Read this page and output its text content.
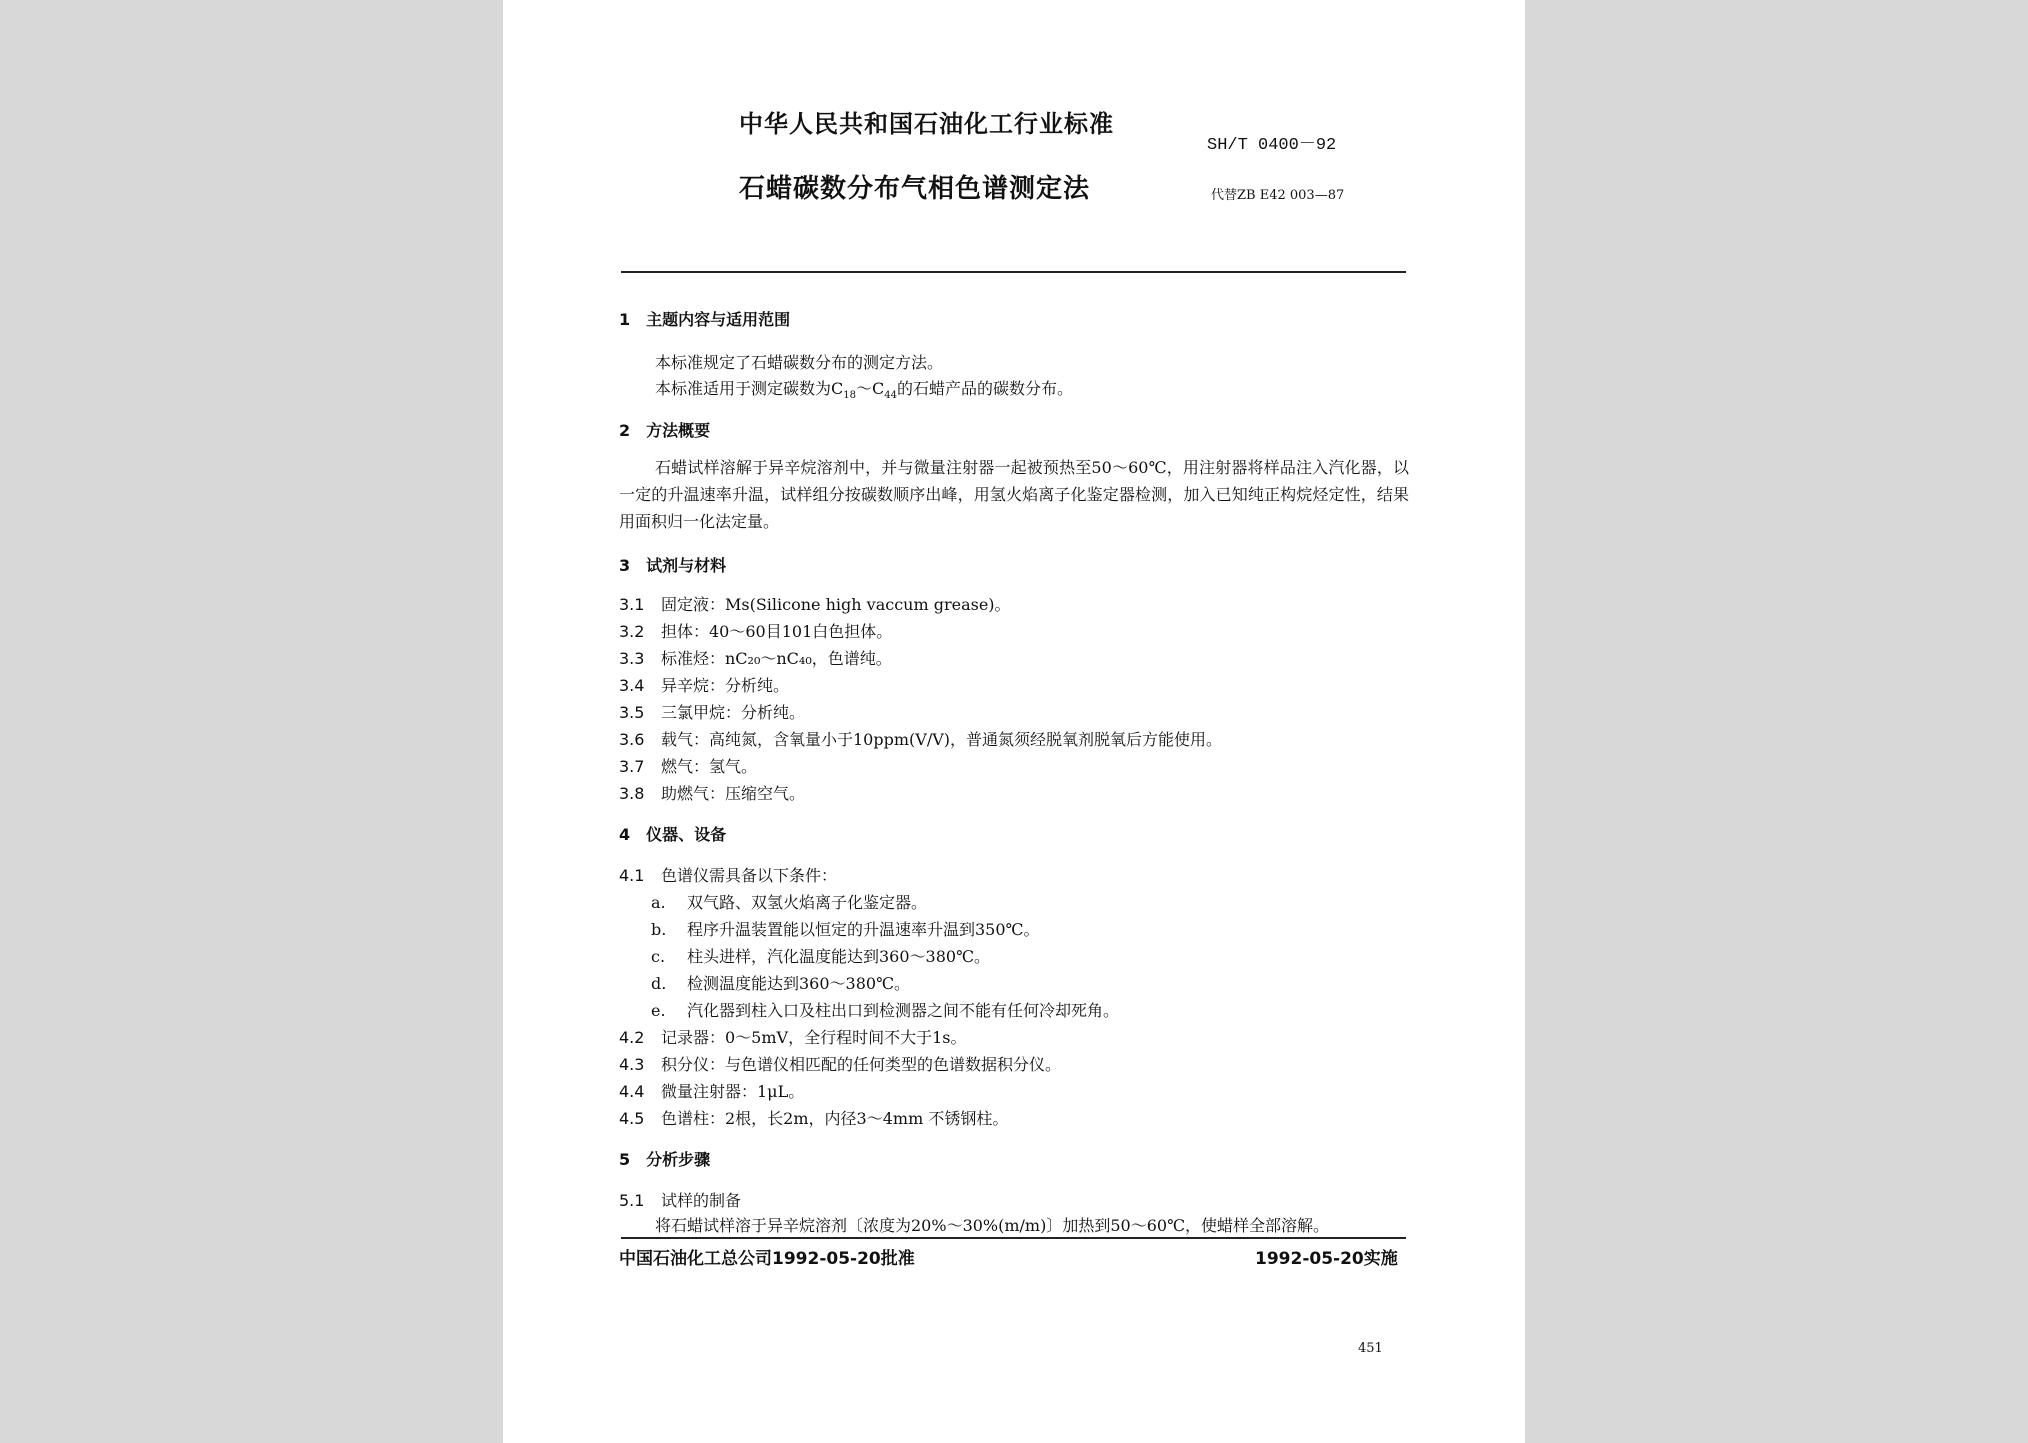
中华人民共和国石油化工行业标准
SH/T 0400－92
石蜡碳数分布气相色谱测定法	代替ZB E42 003—87
1　主题内容与适用范围
本标准规定了石蜡碳数分布的测定方法。
本标准适用于测定碳数为$C_{18}\sim C_{44}$的石蜡产品的碳数分布。
2　方法概要
石蜡试样溶解于异辛烷溶剂中，并与微量注射器一起被预热至50～60℃，用注射器将样品注入汽化器，以一定的升温速率升温，试样组分按碳数顺序出峰，用氢火焰离子化鉴定器检测，加入已知纯正构烷烃定性，结果用面积归一化法定量。
3　试剂与材料
3.1 固定液：Ms(Silicone high vaccum grease)。
3.2 担体：40～60目101白色担体。
3.3 标准烃：nC₂₀～nC₄₀，色谱纯。
3.4 异辛烷：分析纯。
3.5 三氯甲烷：分析纯。
3.6 载气：高纯氮，含氧量小于10ppm(V/V)，普通氮须经脱氧剂脱氧后方能使用。
3.7 燃气：氢气。
3.8 助燃气：压缩空气。
4　仪器、设备
4.1 色谱仪需具备以下条件：
a. 双气路、双氢火焰离子化鉴定器。
b. 程序升温装置能以恒定的升温速率升温到350℃。
c. 柱头进样，汽化温度能达到360～380℃。
d. 检测温度能达到360～380℃。
e. 汽化器到柱入口及柱出口到检测器之间不能有任何冷却死角。
4.2 记录器：0～5mV，全行程时间不大于1s。
4.3 积分仪：与色谱仪相匹配的任何类型的色谱数据积分仪。
4.4 微量注射器：1μL。
4.5 色谱柱：2根，长2m，内径3～4mm 不锈钢柱。
5　分析步骤
5.1 试样的制备
将石蜡试样溶于异辛烷溶剂〔浓度为20%～30%(m/m)〕加热到50～60℃，使蜡样全部溶解。
中国石油化工总公司1992-05-20批准	1992-05-20实施
451
